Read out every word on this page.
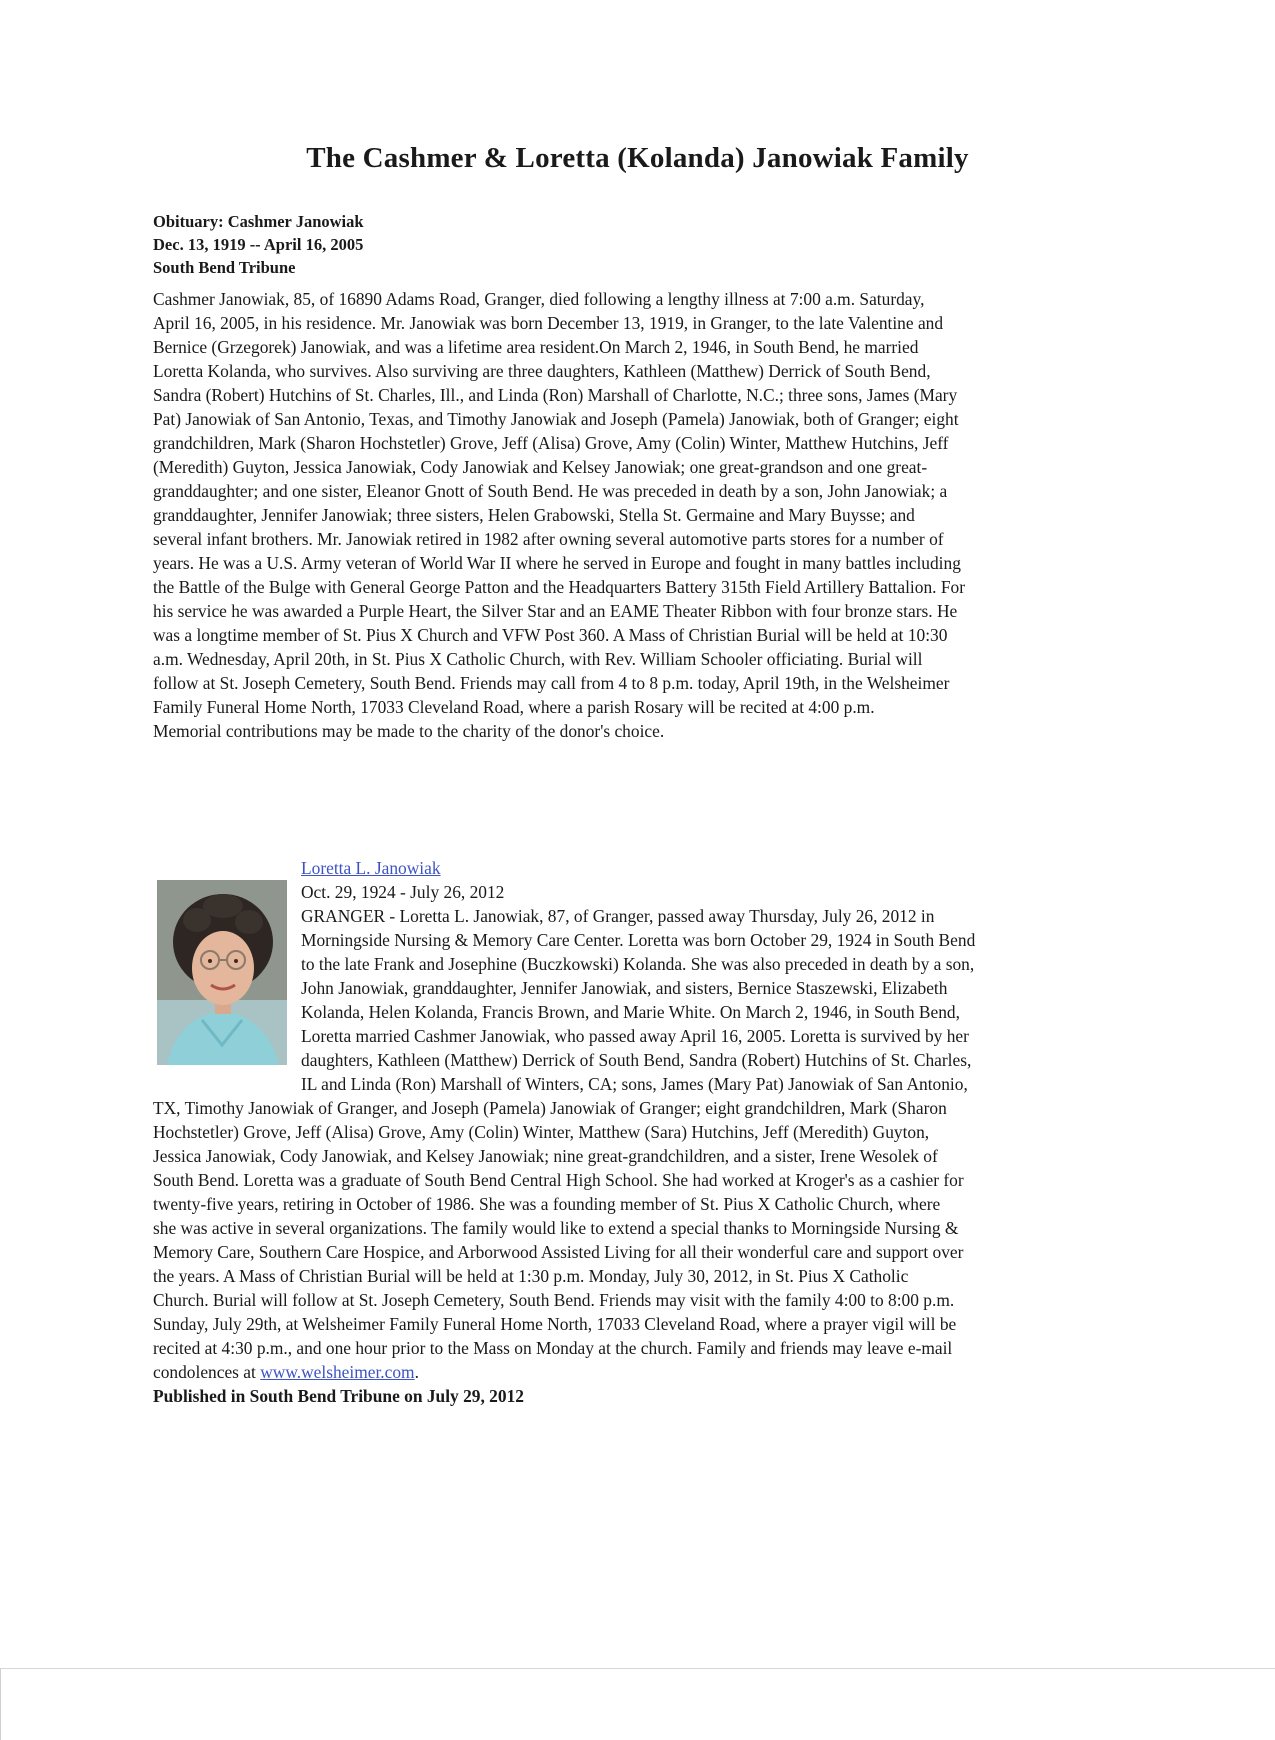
The Cashmer & Loretta (Kolanda) Janowiak Family
Obituary: Cashmer Janowiak
Dec. 13, 1919 -- April 16, 2005
South Bend Tribune

Cashmer Janowiak, 85, of 16890 Adams Road, Granger, died following a lengthy illness at 7:00 a.m. Saturday,
April 16, 2005, in his residence. Mr. Janowiak was born December 13, 1919, in Granger, to the late Valentine and
Bernice (Grzegorek) Janowiak, and was a lifetime area resident.On March 2, 1946, in South Bend, he married
Loretta Kolanda, who survives. Also surviving are three daughters, Kathleen (Matthew) Derrick of South Bend,
Sandra (Robert) Hutchins of St. Charles, Ill., and Linda (Ron) Marshall of Charlotte, N.C.; three sons, James (Mary
Pat) Janowiak of San Antonio, Texas, and Timothy Janowiak and Joseph (Pamela) Janowiak, both of Granger; eight
grandchildren, Mark (Sharon Hochstetler) Grove, Jeff (Alisa) Grove, Amy (Colin) Winter, Matthew Hutchins, Jeff
(Meredith) Guyton, Jessica Janowiak, Cody Janowiak and Kelsey Janowiak; one great-grandson and one great-
granddaughter; and one sister, Eleanor Gnott of South Bend. He was preceded in death by a son, John Janowiak; a
granddaughter, Jennifer Janowiak; three sisters, Helen Grabowski, Stella St. Germaine and Mary Buysse; and
several infant brothers. Mr. Janowiak retired in 1982 after owning several automotive parts stores for a number of
years. He was a U.S. Army veteran of World War II where he served in Europe and fought in many battles including
the Battle of the Bulge with General George Patton and the Headquarters Battery 315th Field Artillery Battalion. For
his service he was awarded a Purple Heart, the Silver Star and an EAME Theater Ribbon with four bronze stars. He
was a longtime member of St. Pius X Church and VFW Post 360. A Mass of Christian Burial will be held at 10:30
a.m. Wednesday, April 20th, in St. Pius X Catholic Church, with Rev. William Schooler officiating. Burial will
follow at St. Joseph Cemetery, South Bend. Friends may call from 4 to 8 p.m. today, April 19th, in the Welsheimer
Family Funeral Home North, 17033 Cleveland Road, where a parish Rosary will be recited at 4:00 p.m.
Memorial contributions may be made to the charity of the donor's choice.

Loretta L. Janowiak
Oct. 29, 1924 - July 26, 2012
GRANGER - Loretta L. Janowiak, 87, of Granger, passed away Thursday, July 26, 2012 in
Morningside Nursing & Memory Care Center. Loretta was born October 29, 1924 in South Bend
to the late Frank and Josephine (Buczkowski) Kolanda. She was also preceded in death by a son,
John Janowiak, granddaughter, Jennifer Janowiak, and sisters, Bernice Staszewski, Elizabeth
Kolanda, Helen Kolanda, Francis Brown, and Marie White. On March 2, 1946, in South Bend,
Loretta married Cashmer Janowiak, who passed away April 16, 2005. Loretta is survived by her
daughters, Kathleen (Matthew) Derrick of South Bend, Sandra (Robert) Hutchins of St. Charles,
IL and Linda (Ron) Marshall of Winters, CA; sons, James (Mary Pat) Janowiak of San Antonio,

TX, Timothy Janowiak of Granger, and Joseph (Pamela) Janowiak of Granger; eight grandchildren, Mark (Sharon
Hochstetler) Grove, Jeff (Alisa) Grove, Amy (Colin) Winter, Matthew (Sara) Hutchins, Jeff (Meredith) Guyton,
Jessica Janowiak, Cody Janowiak, and Kelsey Janowiak; nine great-grandchildren, and a sister, Irene Wesolek of
South Bend. Loretta was a graduate of South Bend Central High School. She had worked at Kroger's as a cashier for
twenty-five years, retiring in October of 1986. She was a founding member of St. Pius X Catholic Church, where
she was active in several organizations. The family would like to extend a special thanks to Morningside Nursing &
Memory Care, Southern Care Hospice, and Arborwood Assisted Living for all their wonderful care and support over
the years. A Mass of Christian Burial will be held at 1:30 p.m. Monday, July 30, 2012, in St. Pius X Catholic
Church. Burial will follow at St. Joseph Cemetery, South Bend. Friends may visit with the family 4:00 to 8:00 p.m.
Sunday, July 29th, at Welsheimer Family Funeral Home North, 17033 Cleveland Road, where a prayer vigil will be
recited at 4:30 p.m., and one hour prior to the Mass on Monday at the church. Family and friends may leave e-mail
condolences at www.welsheimer.com.
Published in South Bend Tribune on July 29, 2012
